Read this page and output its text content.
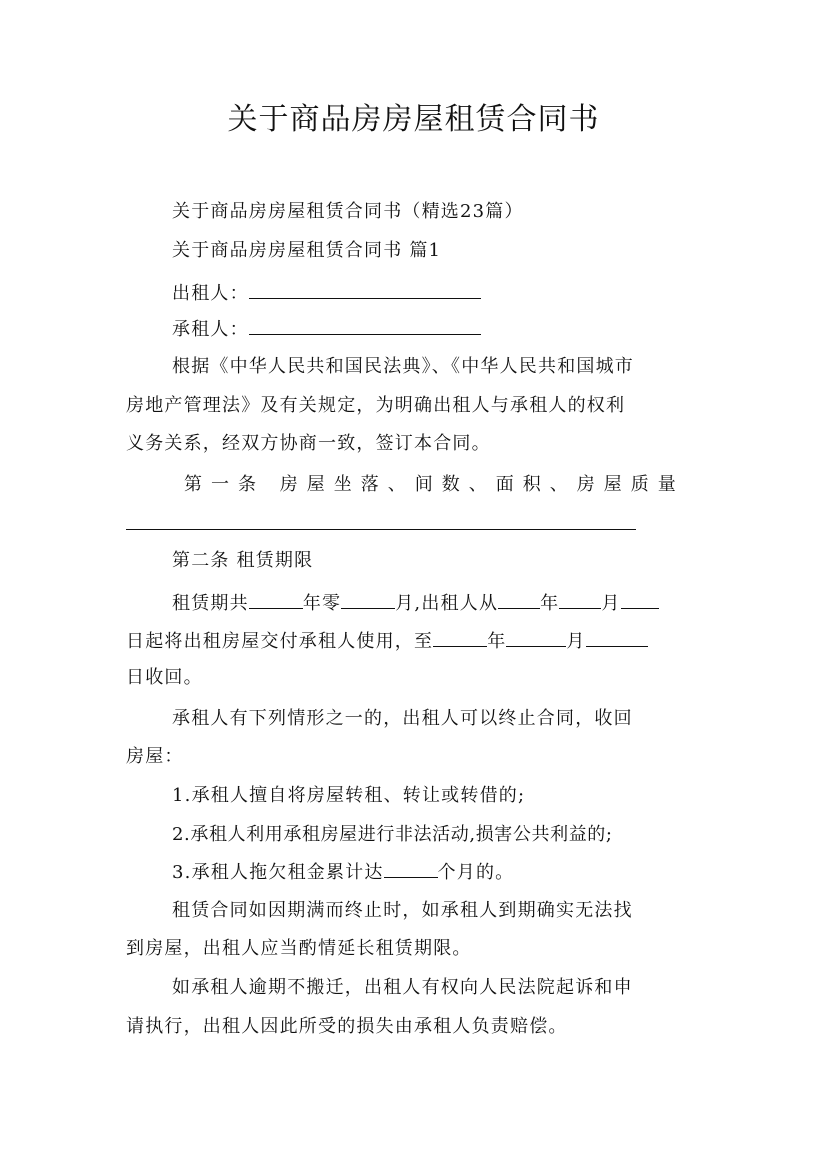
关于商品房房屋租赁合同书
关于商品房房屋租赁合同书（精选23篇）
关于商品房房屋租赁合同书 篇1
出租人：
承租人：
根据《中华人民共和国民法典》、《中华人民共和国城市
房地产管理法》及有关规定，为明确出租人与承租人的权利
义务关系，经双方协商一致，签订本合同。
第一条 房屋坐落、间数、面积、房屋质量
第二条 租赁期限
租赁期共	年零	月,出租人从 年 月
日起将出租房屋交付承租人使用，至	年	月
日收回。
承租人有下列情形之一的，出租人可以终止合同，收回
房屋：
1.承租人擅自将房屋转租、转让或转借的;
2.承租人利用承租房屋进行非法活动,损害公共利益的;
3.承租人拖欠租金累计达	个月的。
租赁合同如因期满而终止时，如承租人到期确实无法找
到房屋，出租人应当酌情延长租赁期限。
如承租人逾期不搬迁，出租人有权向人民法院起诉和申
请执行，出租人因此所受的损失由承租人负责赔偿。
